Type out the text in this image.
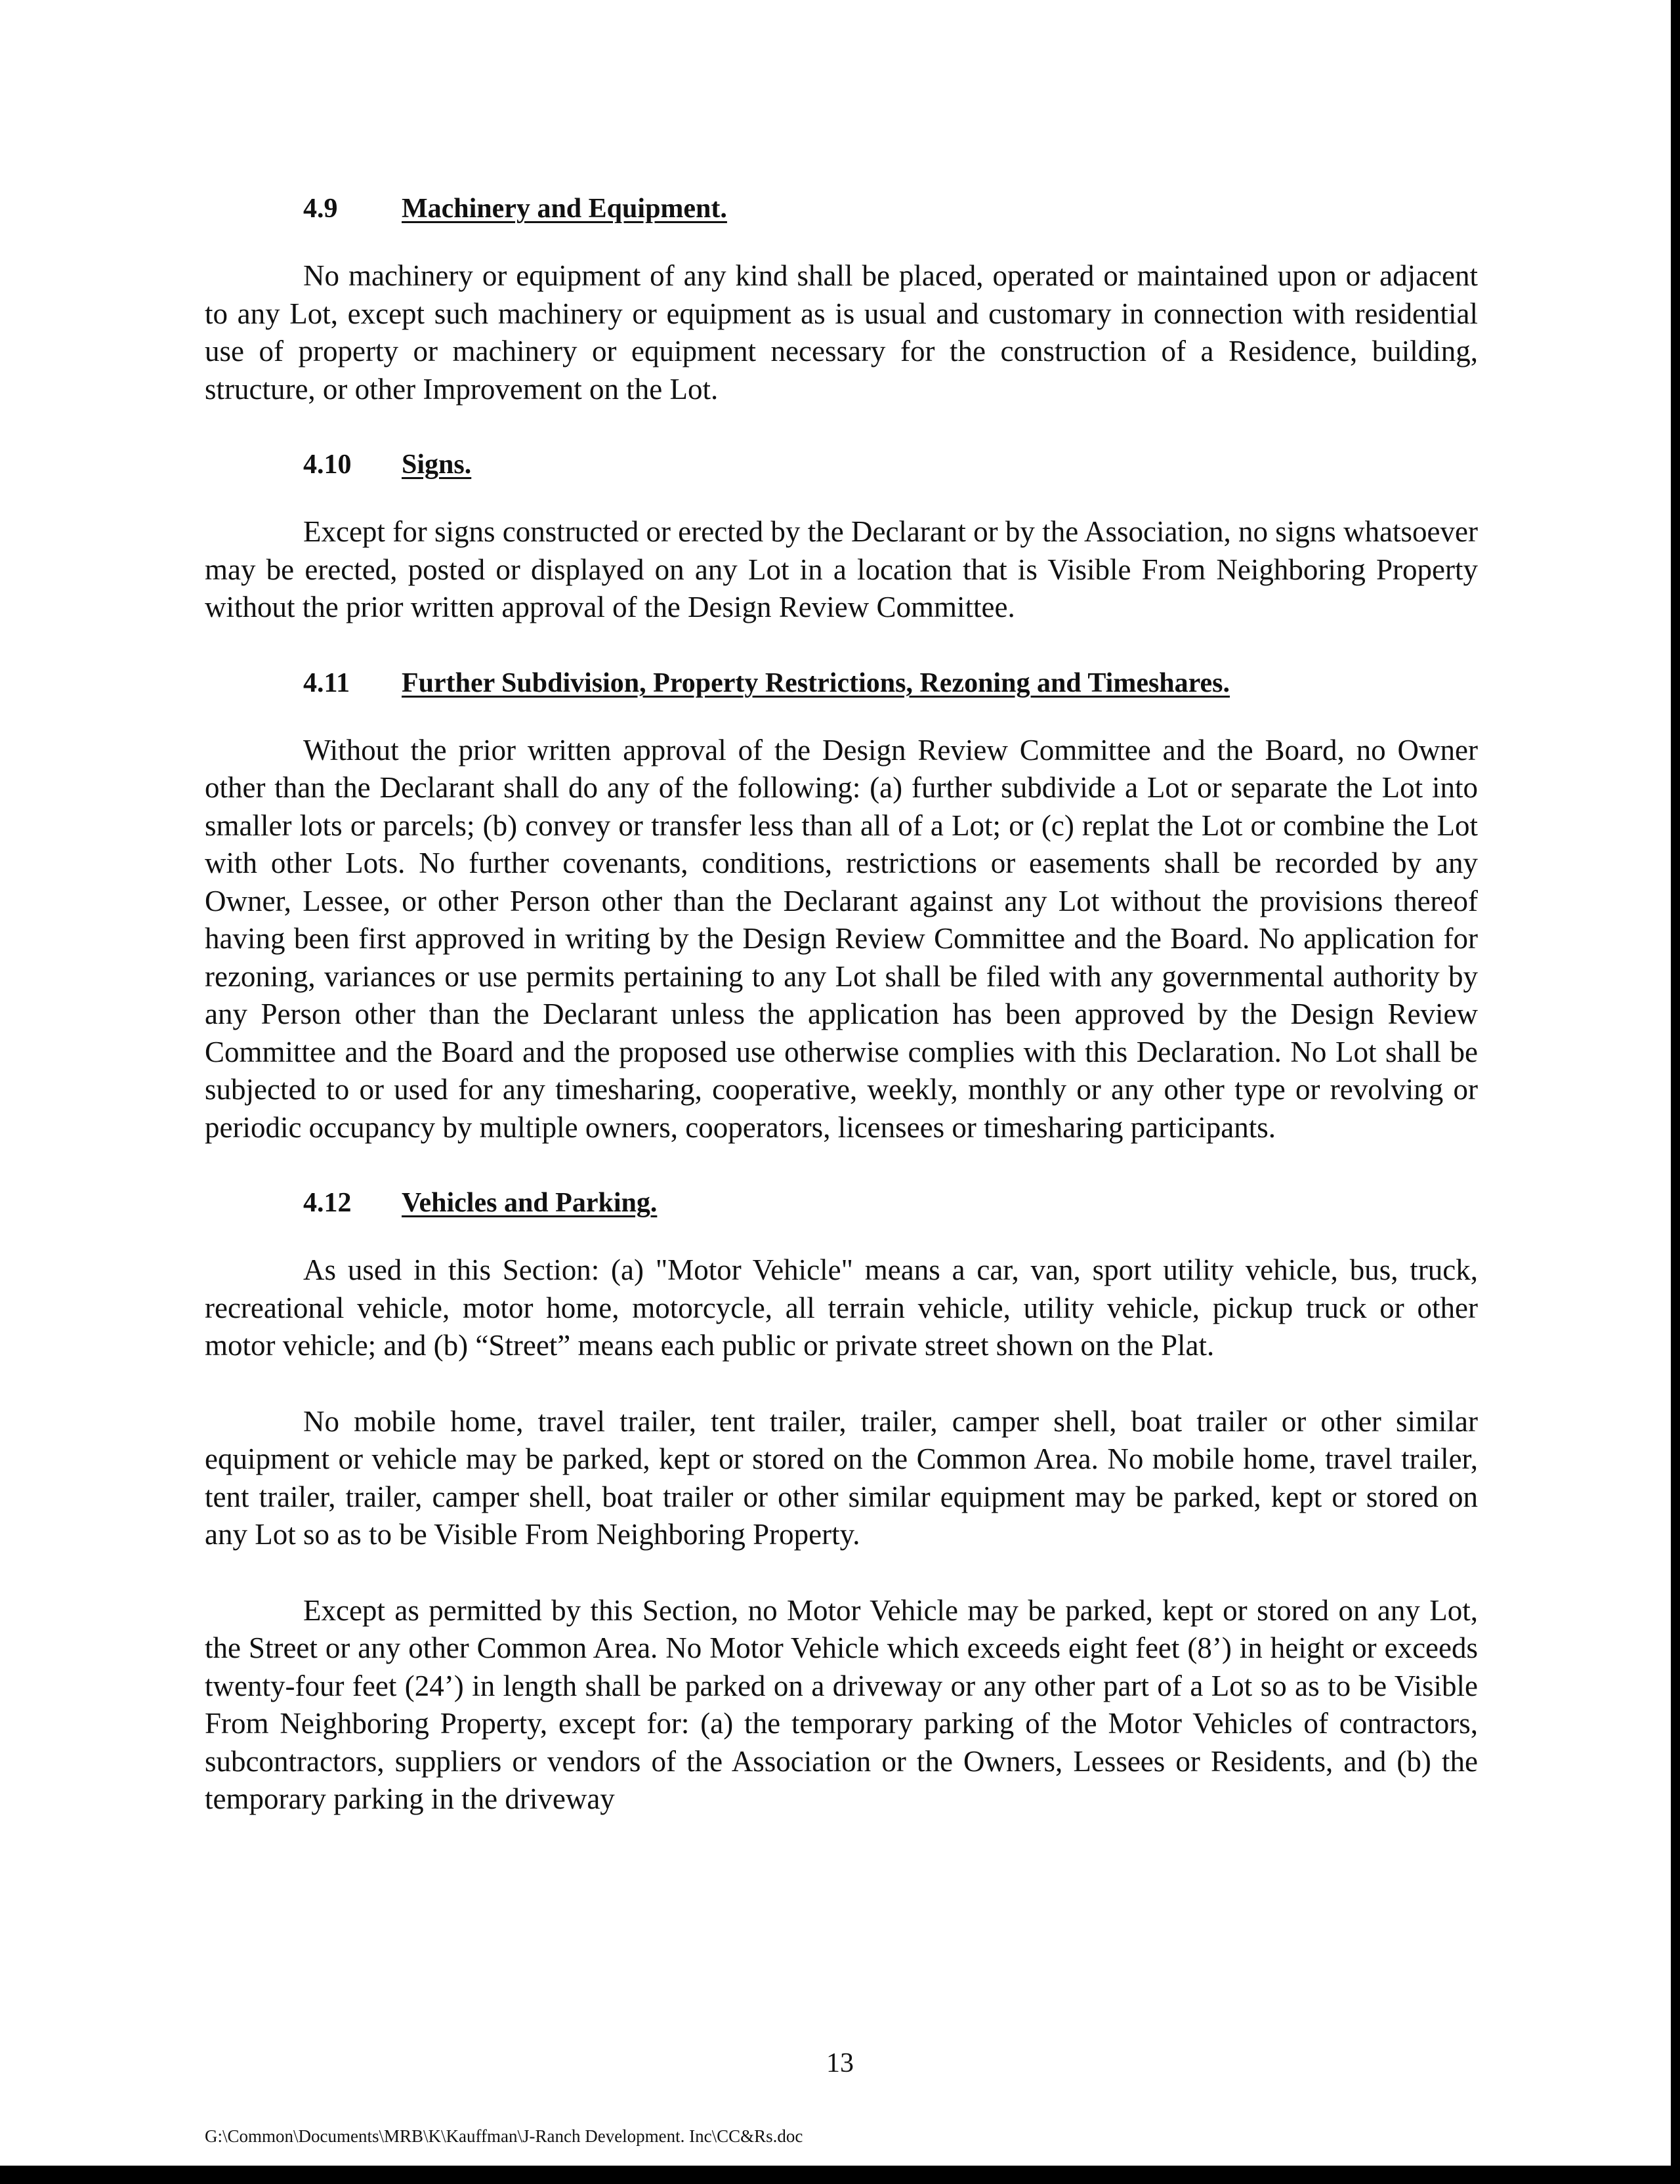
4.9 Machinery and Equipment.

No machinery or equipment of any kind shall be placed, operated or maintained upon or adjacent to any Lot, except such machinery or equipment as is usual and customary in connection with residential use of property or machinery or equipment necessary for the construction of a Residence, building, structure, or other Improvement on the Lot.

4.10 Signs.

Except for signs constructed or erected by the Declarant or by the Association, no signs whatsoever may be erected, posted or displayed on any Lot in a location that is Visible From Neighboring Property without the prior written approval of the Design Review Committee.

4.11 Further Subdivision, Property Restrictions, Rezoning and Timeshares.

Without the prior written approval of the Design Review Committee and the Board, no Owner other than the Declarant shall do any of the following: (a) further subdivide a Lot or separate the Lot into smaller lots or parcels; (b) convey or transfer less than all of a Lot; or (c) replat the Lot or combine the Lot with other Lots. No further covenants, conditions, restrictions or easements shall be recorded by any Owner, Lessee, or other Person other than the Declarant against any Lot without the provisions thereof having been first approved in writing by the Design Review Committee and the Board. No application for rezoning, variances or use permits pertaining to any Lot shall be filed with any governmental authority by any Person other than the Declarant unless the application has been approved by the Design Review Committee and the Board and the proposed use otherwise complies with this Declaration. No Lot shall be subjected to or used for any timesharing, cooperative, weekly, monthly or any other type or revolving or periodic occupancy by multiple owners, cooperators, licensees or timesharing participants.

4.12 Vehicles and Parking.

As used in this Section: (a) "Motor Vehicle" means a car, van, sport utility vehicle, bus, truck, recreational vehicle, motor home, motorcycle, all terrain vehicle, utility vehicle, pickup truck or other motor vehicle; and (b) “Street” means each public or private street shown on the Plat.

No mobile home, travel trailer, tent trailer, trailer, camper shell, boat trailer or other similar equipment or vehicle may be parked, kept or stored on the Common Area. No mobile home, travel trailer, tent trailer, trailer, camper shell, boat trailer or other similar equipment may be parked, kept or stored on any Lot so as to be Visible From Neighboring Property.

Except as permitted by this Section, no Motor Vehicle may be parked, kept or stored on any Lot, the Street or any other Common Area. No Motor Vehicle which exceeds eight feet (8’) in height or exceeds twenty-four feet (24’) in length shall be parked on a driveway or any other part of a Lot so as to be Visible From Neighboring Property, except for: (a) the temporary parking of the Motor Vehicles of contractors, subcontractors, suppliers or vendors of the Association or the Owners, Lessees or Residents, and (b) the temporary parking in the driveway

13
G:\Common\Documents\MRB\K\Kauffman\J-Ranch Development. Inc\CC&Rs.doc
